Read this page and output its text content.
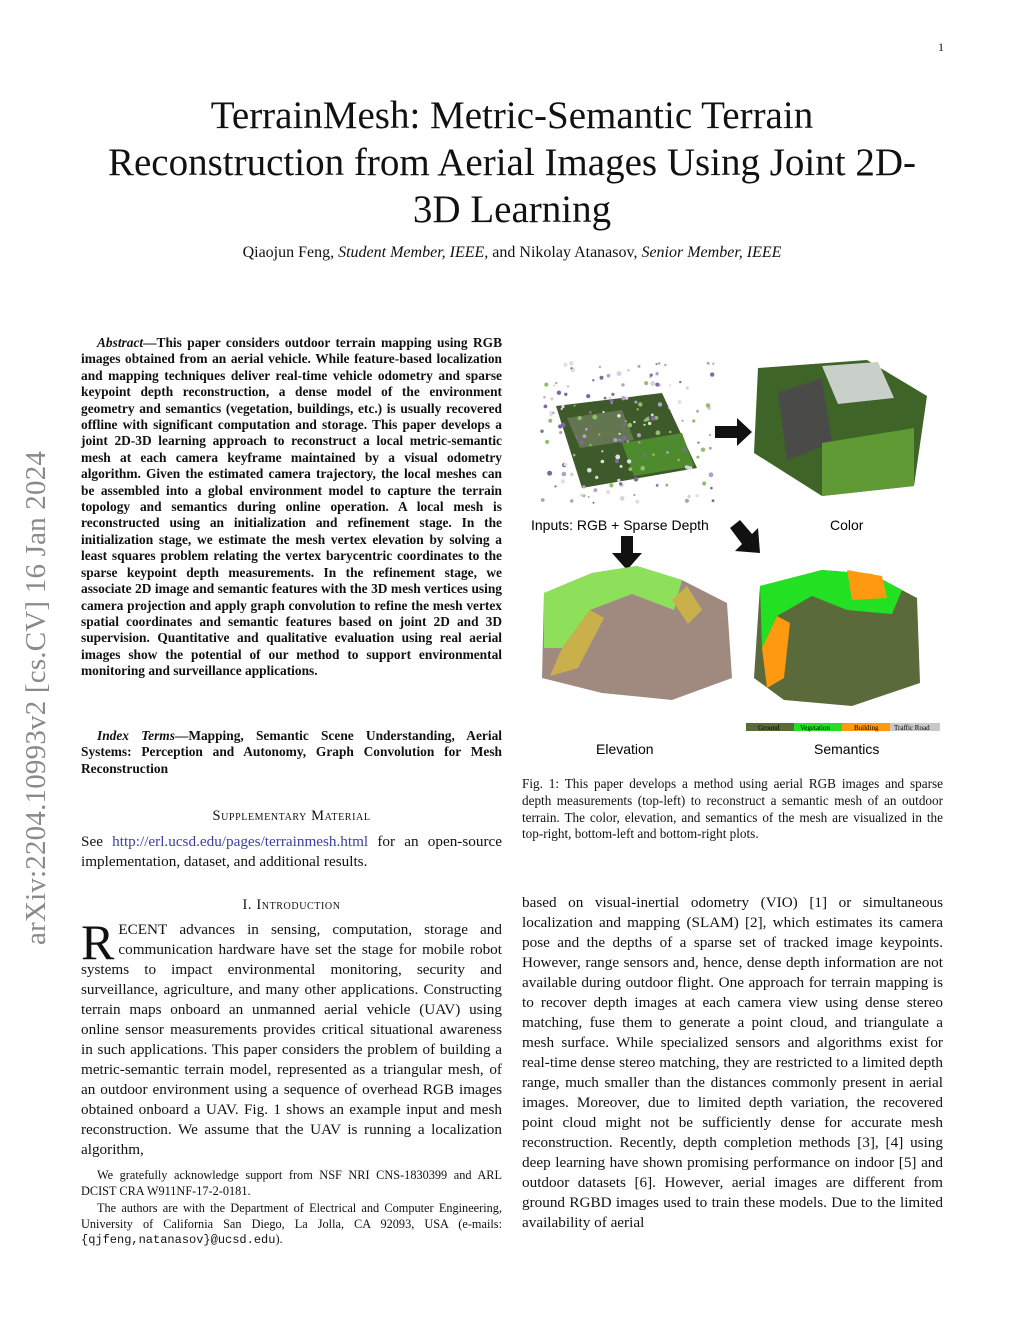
1
arXiv:2204.10993v2 [cs.CV] 16 Jan 2024
TerrainMesh: Metric-Semantic Terrain Reconstruction from Aerial Images Using Joint 2D-3D Learning
Qiaojun Feng, Student Member, IEEE, and Nikolay Atanasov, Senior Member, IEEE
Abstract—This paper considers outdoor terrain mapping using RGB images obtained from an aerial vehicle. While feature-based localization and mapping techniques deliver real-time vehicle odometry and sparse keypoint depth reconstruction, a dense model of the environment geometry and semantics (vegetation, buildings, etc.) is usually recovered offline with significant computation and storage. This paper develops a joint 2D-3D learning approach to reconstruct a local metric-semantic mesh at each camera keyframe maintained by a visual odometry algorithm. Given the estimated camera trajectory, the local meshes can be assembled into a global environment model to capture the terrain topology and semantics during online operation. A local mesh is reconstructed using an initialization and refinement stage. In the initialization stage, we estimate the mesh vertex elevation by solving a least squares problem relating the vertex barycentric coordinates to the sparse keypoint depth measurements. In the refinement stage, we associate 2D image and semantic features with the 3D mesh vertices using camera projection and apply graph convolution to refine the mesh vertex spatial coordinates and semantic features based on joint 2D and 3D supervision. Quantitative and qualitative evaluation using real aerial images show the potential of our method to support environmental monitoring and surveillance applications.
Index Terms—Mapping, Semantic Scene Understanding, Aerial Systems: Perception and Autonomy, Graph Convolution for Mesh Reconstruction
Supplementary Material
See http://erl.ucsd.edu/pages/terrainmesh.html for an open-source implementation, dataset, and additional results.
I. Introduction
RECENT advances in sensing, computation, storage and communication hardware have set the stage for mobile robot systems to impact environmental monitoring, security and surveillance, agriculture, and many other applications. Constructing terrain maps onboard an unmanned aerial vehicle (UAV) using online sensor measurements provides critical situational awareness in such applications. This paper considers the problem of building a metric-semantic terrain model, represented as a triangular mesh, of an outdoor environment using a sequence of overhead RGB images obtained onboard a UAV. Fig. 1 shows an example input and mesh reconstruction. We assume that the UAV is running a localization algorithm,
We gratefully acknowledge support from NSF NRI CNS-1830399 and ARL DCIST CRA W911NF-17-2-0181.
The authors are with the Department of Electrical and Computer Engineering, University of California San Diego, La Jolla, CA 92093, USA (e-mails: {qjfeng,natanasov}@ucsd.edu).
Inputs: RGB + Sparse Depth	Color
Elevation	Semantics
Ground	Vegetation	Building Traffic Road
Fig. 1: This paper develops a method using aerial RGB images and sparse depth measurements (top-left) to reconstruct a semantic mesh of an outdoor terrain. The color, elevation, and semantics of the mesh are visualized in the top-right, bottom-left and bottom-right plots.
based on visual-inertial odometry (VIO) [1] or simultaneous localization and mapping (SLAM) [2], which estimates its camera pose and the depths of a sparse set of tracked image keypoints. However, range sensors and, hence, dense depth information are not available during outdoor flight. One approach for terrain mapping is to recover depth images at each camera view using dense stereo matching, fuse them to generate a point cloud, and triangulate a mesh surface. While specialized sensors and algorithms exist for real-time dense stereo matching, they are restricted to a limited depth range, much smaller than the distances commonly present in aerial images. Moreover, due to limited depth variation, the recovered point cloud might not be sufficiently dense for accurate mesh reconstruction. Recently, depth completion methods [3], [4] using deep learning have shown promising performance on indoor [5] and outdoor datasets [6]. However, aerial images are different from ground RGBD images used to train these models. Due to the limited availability of aerial
